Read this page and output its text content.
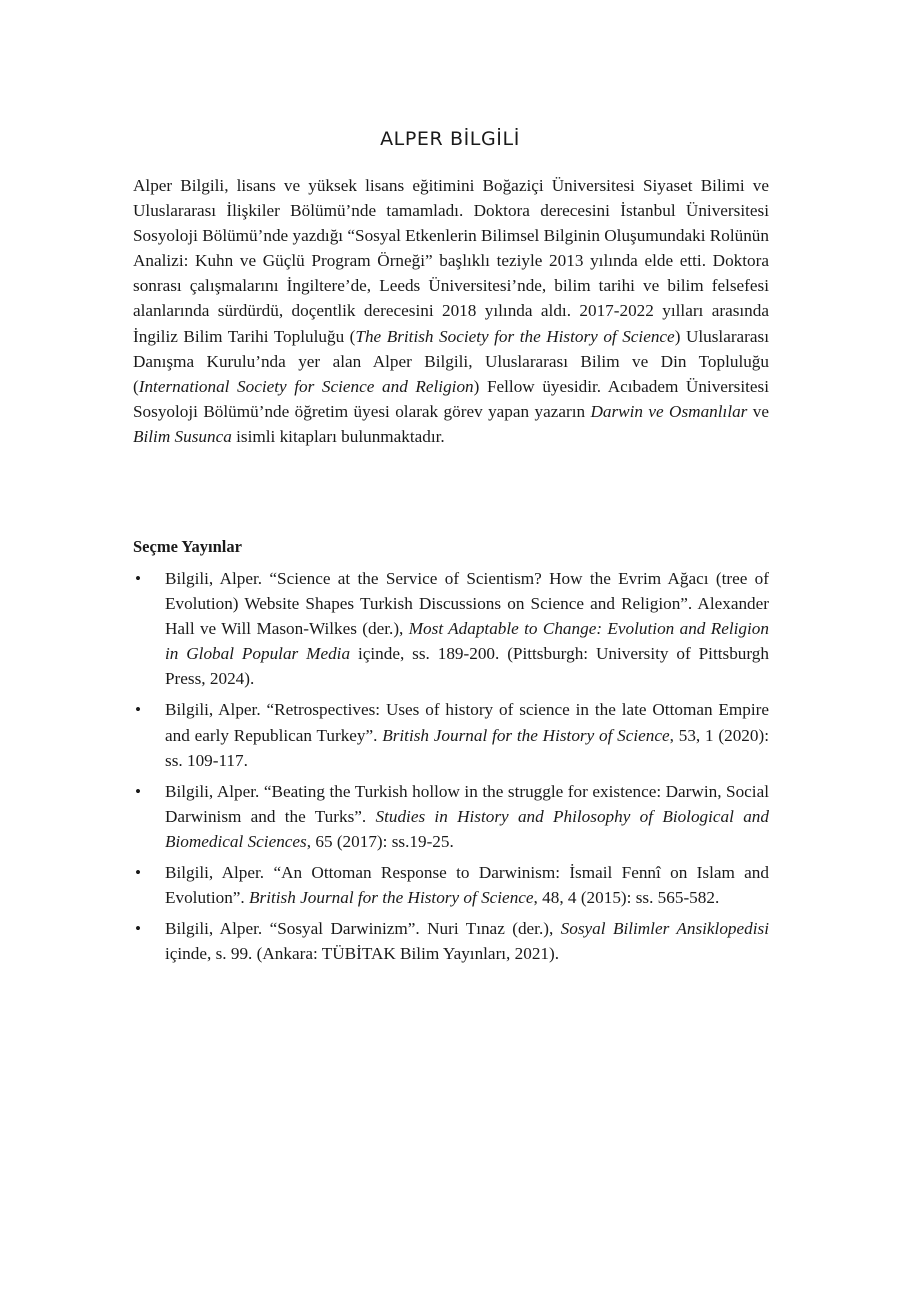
ALPER BİLGİLİ

Alper Bilgili, lisans ve yüksek lisans eğitimini Boğaziçi Üniversitesi Siyaset Bilimi ve Uluslararası İlişkiler Bölümü’nde tamamladı. Doktora derecesini İstanbul Üniversitesi Sosyoloji Bölümü’nde yazdığı “Sosyal Etkenlerin Bilimsel Bilginin Oluşumundaki Rolünün Analizi: Kuhn ve Güçlü Program Örneği” başlıklı teziyle 2013 yılında elde etti. Doktora sonrası çalışmalarını İngiltere’de, Leeds Üniversitesi’nde, bilim tarihi ve bilim felsefesi alanlarında sürdürdü, doçentlik derecesini 2018 yılında aldı. 2017-2022 yılları arasında İngiliz Bilim Tarihi Topluluğu (The British Society for the History of Science) Uluslararası Danışma Kurulu’nda yer alan Alper Bilgili, Uluslararası Bilim ve Din Topluluğu (International Society for Science and Religion) Fellow üyesidir. Acıbadem Üniversitesi Sosyoloji Bölümü’nde öğretim üyesi olarak görev yapan yazarın Darwin ve Osmanlılar ve Bilim Susunca isimli kitapları bulunmaktadır.

Seçme Yayınlar
• Bilgili, Alper. “Science at the Service of Scientism? How the Evrim Ağacı (tree of Evolution) Website Shapes Turkish Discussions on Science and Religion”. Alexander Hall ve Will Mason-Wilkes (der.), Most Adaptable to Change: Evolution and Religion in Global Popular Media içinde, ss. 189-200. (Pittsburgh: University of Pittsburgh Press, 2024).
• Bilgili, Alper. “Retrospectives: Uses of history of science in the late Ottoman Empire and early Republican Turkey”. British Journal for the History of Science, 53, 1 (2020): ss. 109-117.
• Bilgili, Alper. “Beating the Turkish hollow in the struggle for existence: Darwin, Social Darwinism and the Turks”. Studies in History and Philosophy of Biological and Biomedical Sciences, 65 (2017): ss.19-25.
• Bilgili, Alper. “An Ottoman Response to Darwinism: İsmail Fennî on Islam and Evolution”. British Journal for the History of Science, 48, 4 (2015): ss. 565-582.
• Bilgili, Alper. “Sosyal Darwinizm”. Nuri Tınaz (der.), Sosyal Bilimler Ansiklopedisi içinde, s. 99. (Ankara: TÜBİTAK Bilim Yayınları, 2021).
